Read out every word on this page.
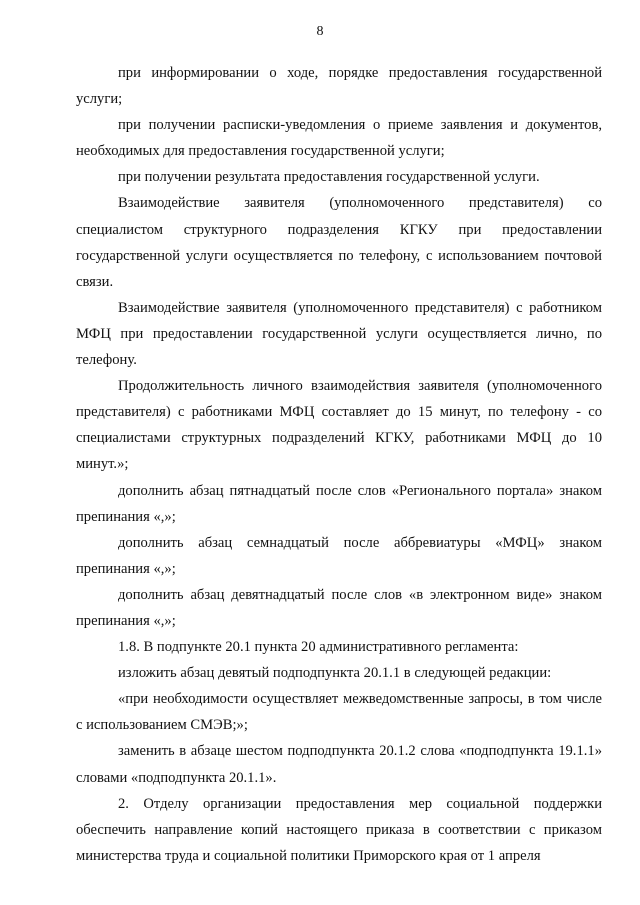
8

при информировании о ходе, порядке предоставления государственной услуги;

при получении расписки-уведомления о приеме заявления и документов, необходимых для предоставления государственной услуги;

при получении результата предоставления государственной услуги.

Взаимодействие заявителя (уполномоченного представителя) со специалистом структурного подразделения КГКУ при предоставлении государственной услуги осуществляется по телефону, с использованием почтовой связи.

Взаимодействие заявителя (уполномоченного представителя) с работником МФЦ при предоставлении государственной услуги осуществляется лично, по телефону.

Продолжительность личного взаимодействия заявителя (уполномоченного представителя) с работниками МФЦ составляет до 15 минут, по телефону - со специалистами структурных подразделений КГКУ, работниками МФЦ до 10 минут.»;

дополнить абзац пятнадцатый после слов «Регионального портала» знаком препинания «,»;

дополнить абзац семнадцатый после аббревиатуры «МФЦ» знаком препинания «,»;

дополнить абзац девятнадцатый после слов «в электронном виде» знаком препинания «,»;

1.8. В подпункте 20.1 пункта 20 административного регламента:

изложить абзац девятый подподпункта 20.1.1 в следующей редакции:

«при необходимости осуществляет межведомственные запросы, в том числе с использованием СМЭВ;»;

заменить в абзаце шестом подподпункта 20.1.2 слова «подподпункта 19.1.1» словами «подподпункта 20.1.1».

2. Отделу организации предоставления мер социальной поддержки обеспечить направление копий настоящего приказа в соответствии с приказом министерства труда и социальной политики Приморского края от 1 апреля
